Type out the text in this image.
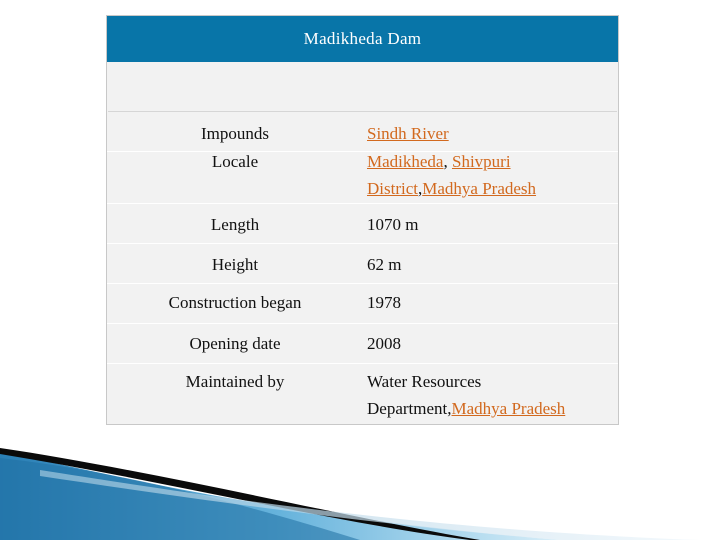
Madikheda Dam
Impounds	Sindh River
Locale	Madikheda, Shivpuri District,Madhya Pradesh
Length	1070 m
Height	62 m
Construction began	1978
Opening date	2008
Maintained by	Water Resources Department,Madhya Pradesh
